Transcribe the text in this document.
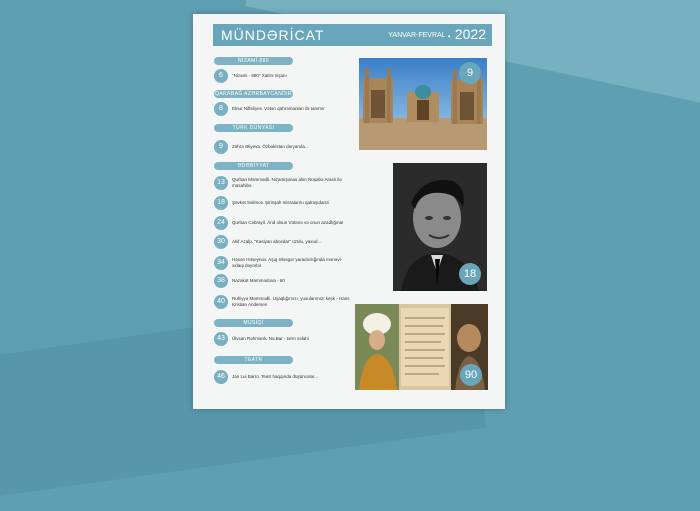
MÜNDƏRİCAT	YANVAR-FEVRAL • 2022
NİZAMİ-880
6	"Nizami - 880" Xatirə nişanı
QARABAĞ AZƏRBAYCANDIR
8	Elnur Nifteliyev. Vətən qəhrəmanları ilə tanımır
TÜRK DÜNYASI
9	Zöhrə Əliyeva. Özbəkistan dəryanda...
ƏDƏBİYYAT
13	Qurban Məmmədli. Nizamişünas alim Nüşabə Araslı ilə müsahibə
18	Şövkət Səlimov. Şirinşah misralarını qalraşıdanzi
24	Qurban Cəbrayil. Ánd olsun Vətənə və onun azadlığına!
30	Akif Azalp. "Kasiyan abcedar" üzülu, yaxud...
34	Həsən Hüseynov. Aşıq Ələsgər yaradıcılığında mənəvi-əxlaqi dəyərlər
38	Nazakət Məmmədova - 60
40	Ruhiyyə Məmmədli. Uşaqlığımızı, yuxularımızı keşk - Hans Kristian Andersen
MUSİQİ
43	Ülvsan Rəhmanlı. Nə.Bar - tərm səlahi
TEATR
46	Jan Lui Barro. Teatr haqqında düşüncələr...
9
18
90
